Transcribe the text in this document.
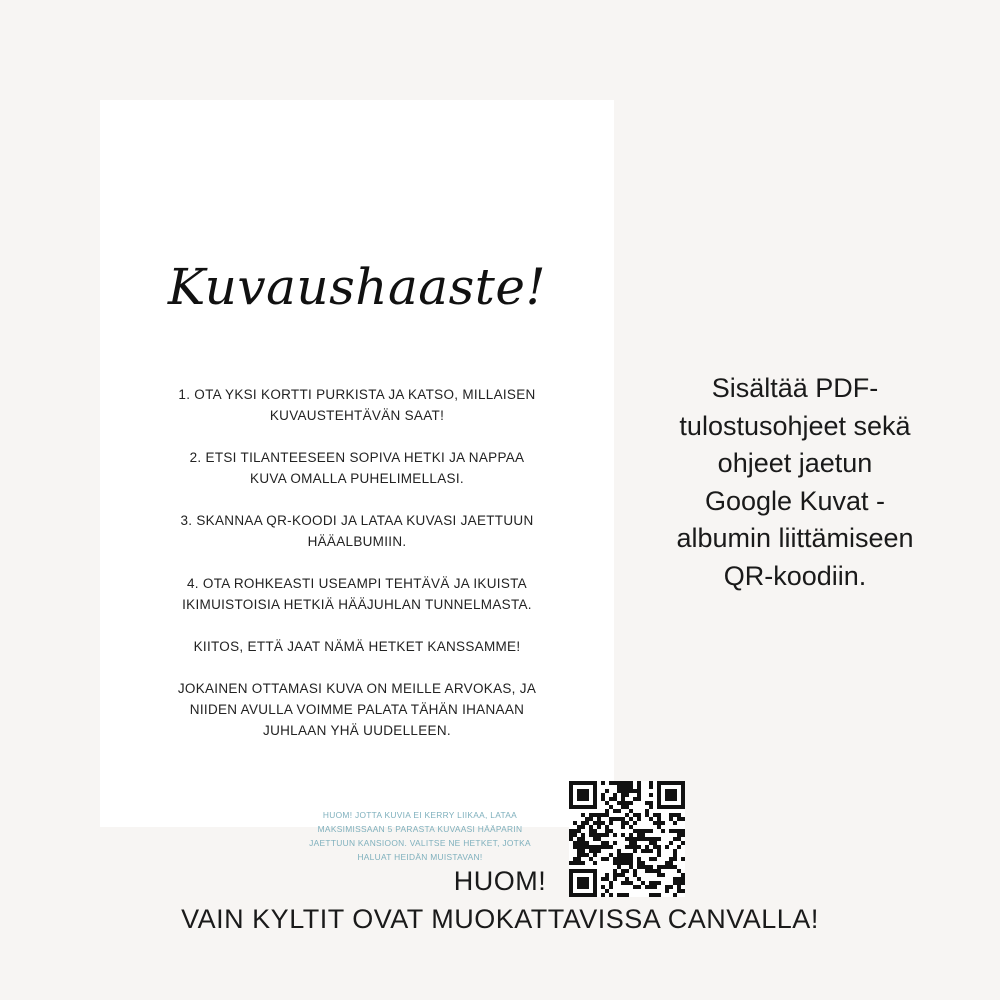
Kuvaushaaste!

1. OTA YKSI KORTTI PURKISTA JA KATSO, MILLAISEN
KUVAUSTEHTÄVÄN SAAT!

2. ETSI TILANTEESEEN SOPIVA HETKI JA NAPPAA
KUVA OMALLA PUHELIMELLASI.

3. SKANNAA QR-KOODI JA LATAA KUVASI JAETTUUN
HÄÄALBUMIIN.

4. OTA ROHKEASTI USEAMPI TEHTÄVÄ JA IKUISTA
IKIMUISTOISIA HETKIÄ HÄÄJUHLAN TUNNELMASTA.

KIITOS, ETTÄ JAAT NÄMÄ HETKET KANSSAMME!

JOKAINEN OTTAMASI KUVA ON MEILLE ARVOKAS, JA
NIIDEN AVULLA VOIMME PALATA TÄHÄN IHANAAN
JUHLAAN YHÄ UUDELLEEN.

HUOM! JOTTA KUVIA EI KERRY LIIKAA, LATAA
MAKSIMISSAAN 5 PARASTA KUVAASI HÄÄPARIN
JAETTUUN KANSIOON. VALITSE NE HETKET, JOTKA
HALUAT HEIDÄN MUISTAVAN!
Sisältää PDF-
tulostusohjeet sekä
ohjeet jaetun
Google Kuvat -
albumin liittämiseen
QR-koodiin.
HUOM!
VAIN KYLTIT OVAT MUOKATTAVISSA CANVALLA!
